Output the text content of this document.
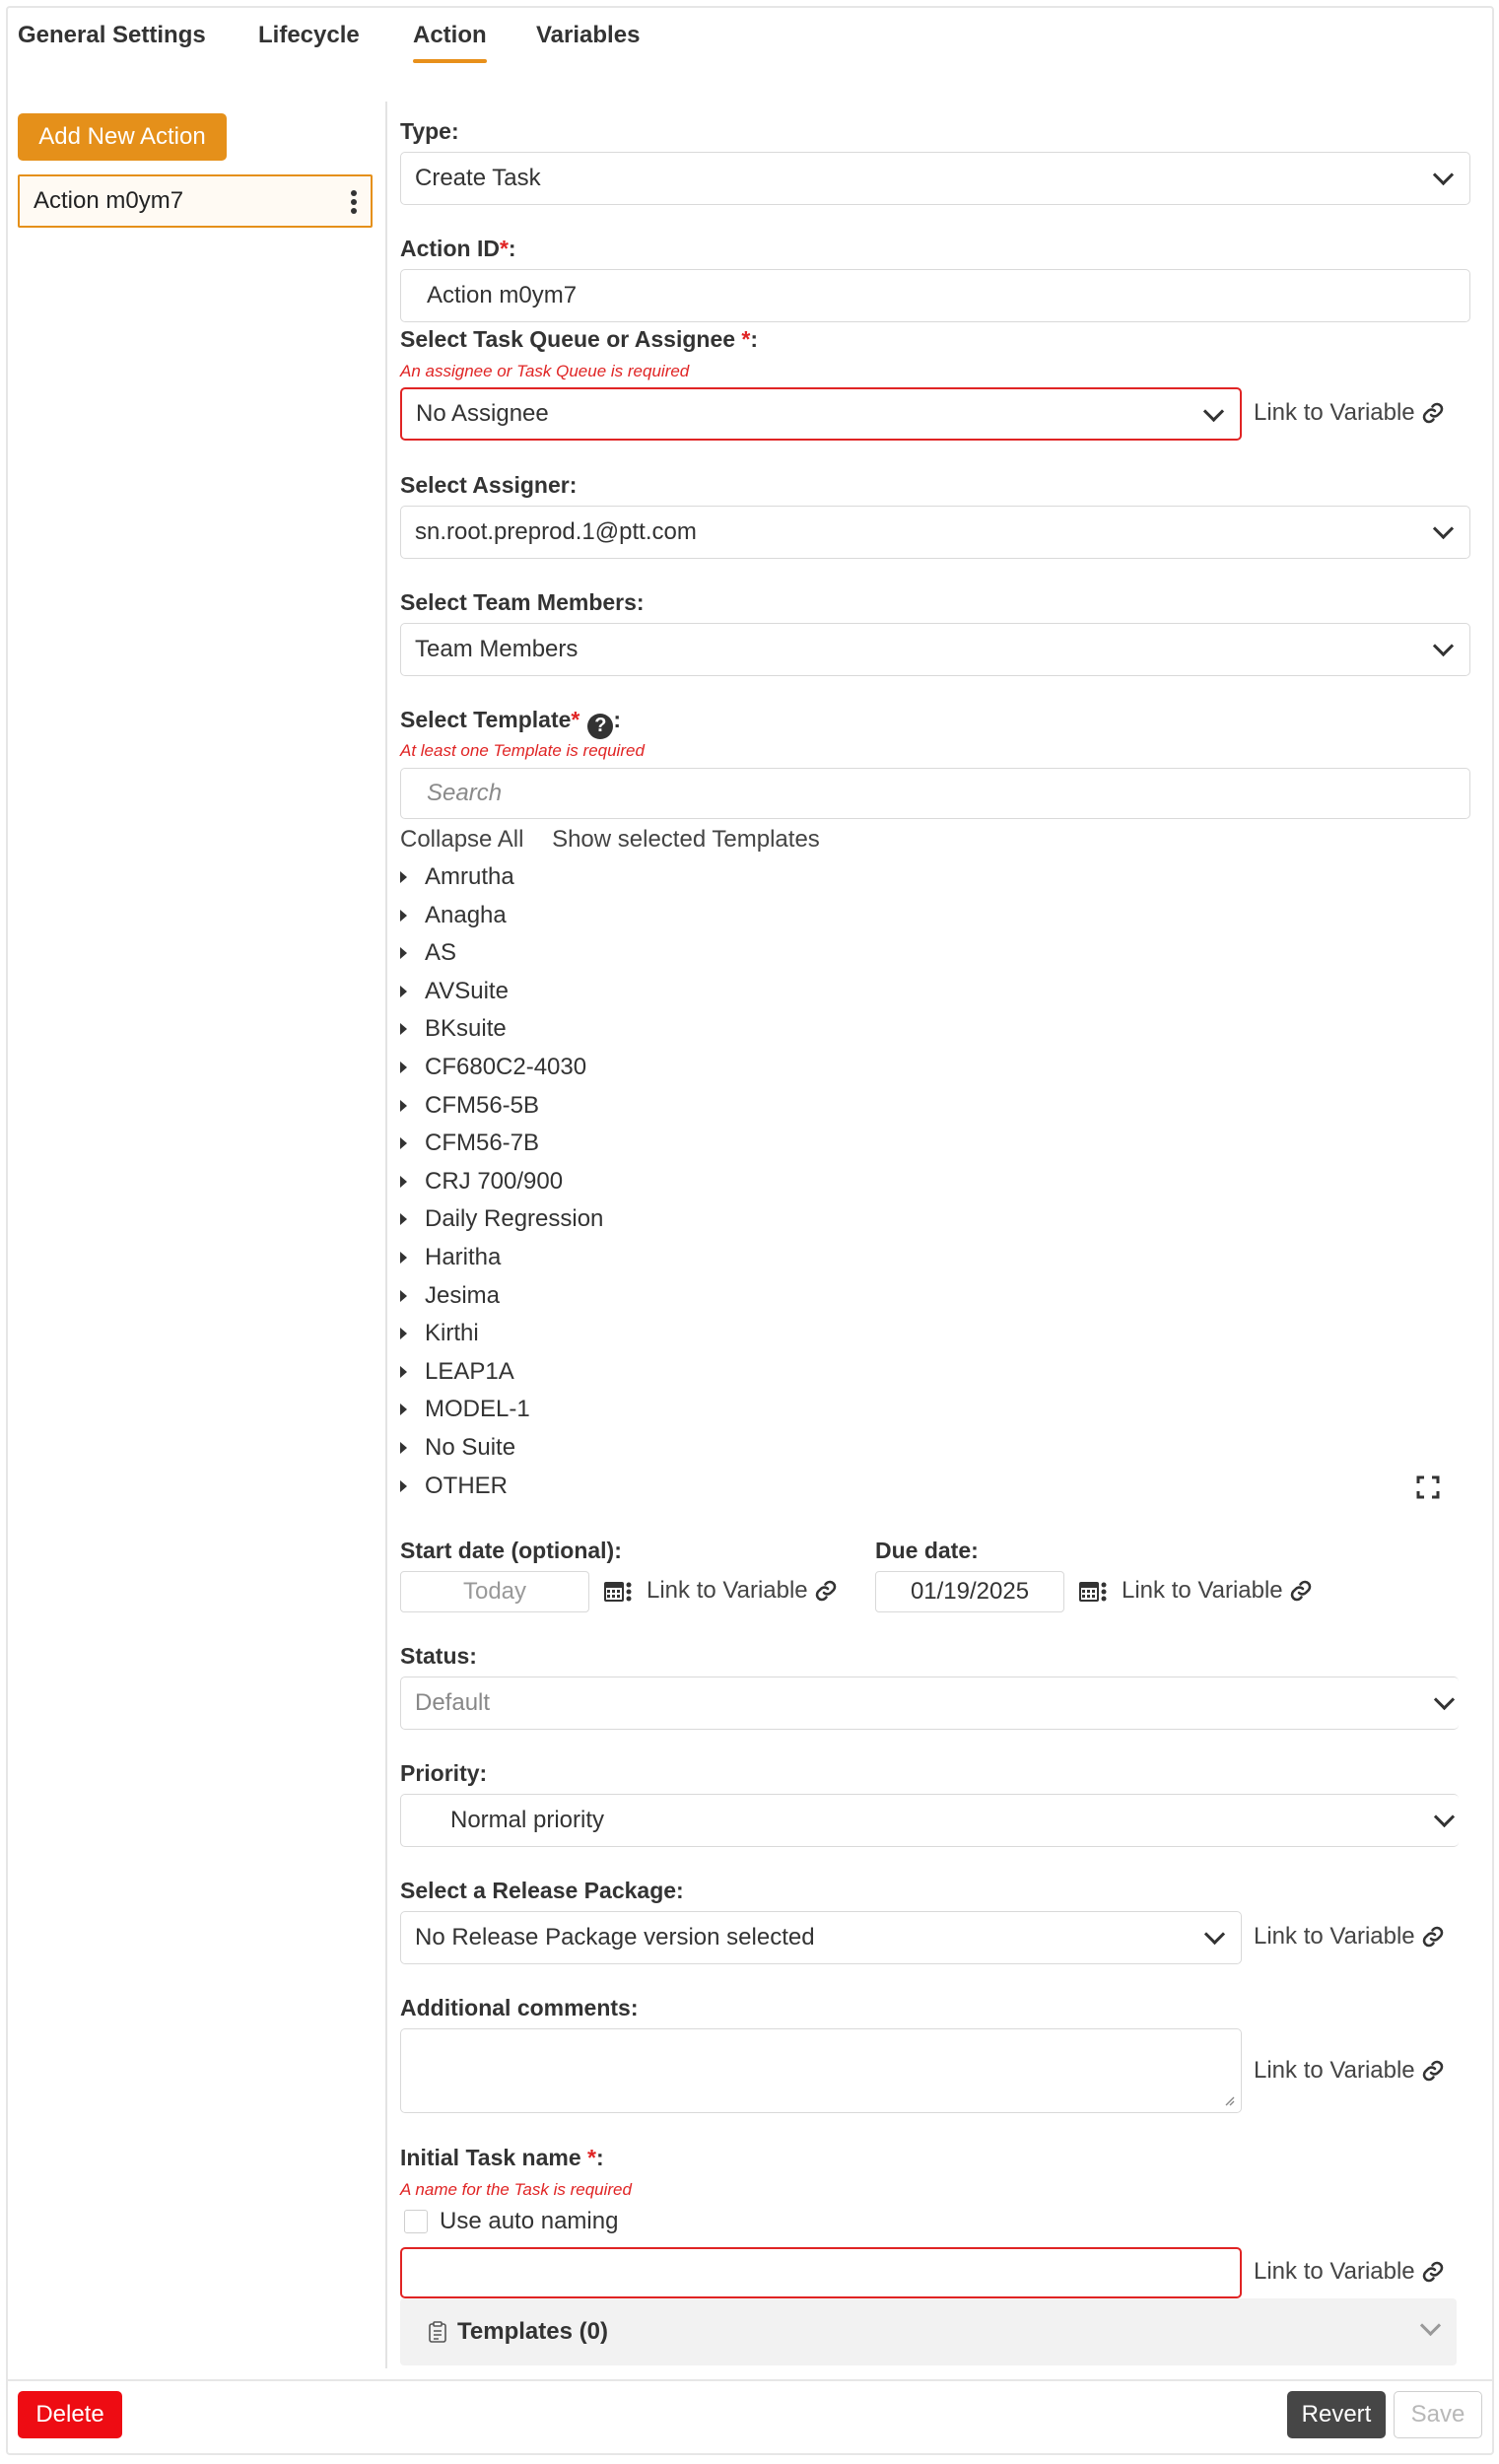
General Settings Lifecycle Action Variables
Add New Action
Action m0ym7
Type:
Create Task
Action ID*:
Action m0ym7
Select Task Queue or Assignee *:
An assignee or Task Queue is required
No Assignee	Link to Variable
Select Assigner:
sn.root.preprod.1@ptt.com
Select Team Members:
Team Members
Select Template* ? :
At least one Template is required
Search
Collapse All Show selected Templates
Amrutha
Anagha
AS
AVSuite
BKsuite
CF680C2-4030
CFM56-5B
CFM56-7B
CRJ 700/900
Daily Regression
Haritha
Jesima
Kirthi
LEAP1A
MODEL-1
No Suite
OTHER
Start date (optional):
Today	Link to Variable
Due date:
01/19/2025	Link to Variable
Status:
Default
Priority:
Normal priority
Select a Release Package:
No Release Package version selected	Link to Variable
Additional comments:
Link to Variable
Initial Task name *:
A name for the Task is required
Use auto naming
Link to Variable
Templates (0)
Delete	Revert	Save
